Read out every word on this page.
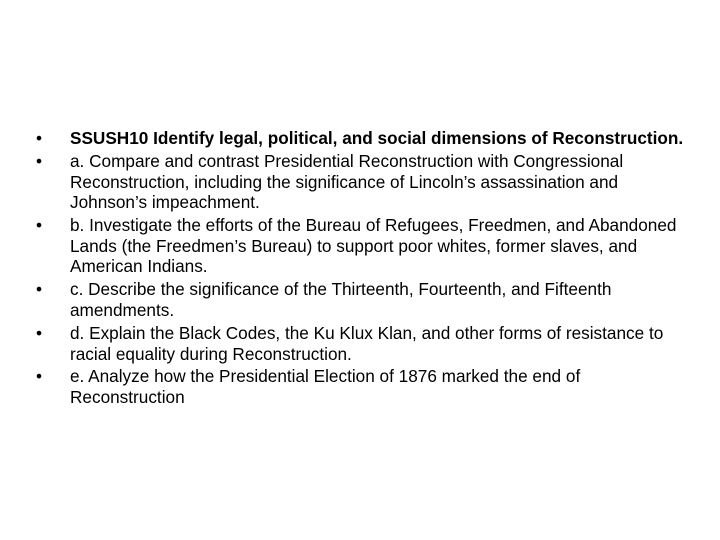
•	SSUSH10 Identify legal, political, and social dimensions of Reconstruction.
•	a. Compare and contrast Presidential Reconstruction with Congressional Reconstruction, including the significance of Lincoln’s assassination and Johnson’s impeachment.
•	b. Investigate the efforts of the Bureau of Refugees, Freedmen, and Abandoned Lands (the Freedmen’s Bureau) to support poor whites, former slaves, and American Indians.
•	c. Describe the significance of the Thirteenth, Fourteenth, and Fifteenth amendments.
•	d. Explain the Black Codes, the Ku Klux Klan, and other forms of resistance to racial equality during Reconstruction.
•	e. Analyze how the Presidential Election of 1876 marked the end of Reconstruction
